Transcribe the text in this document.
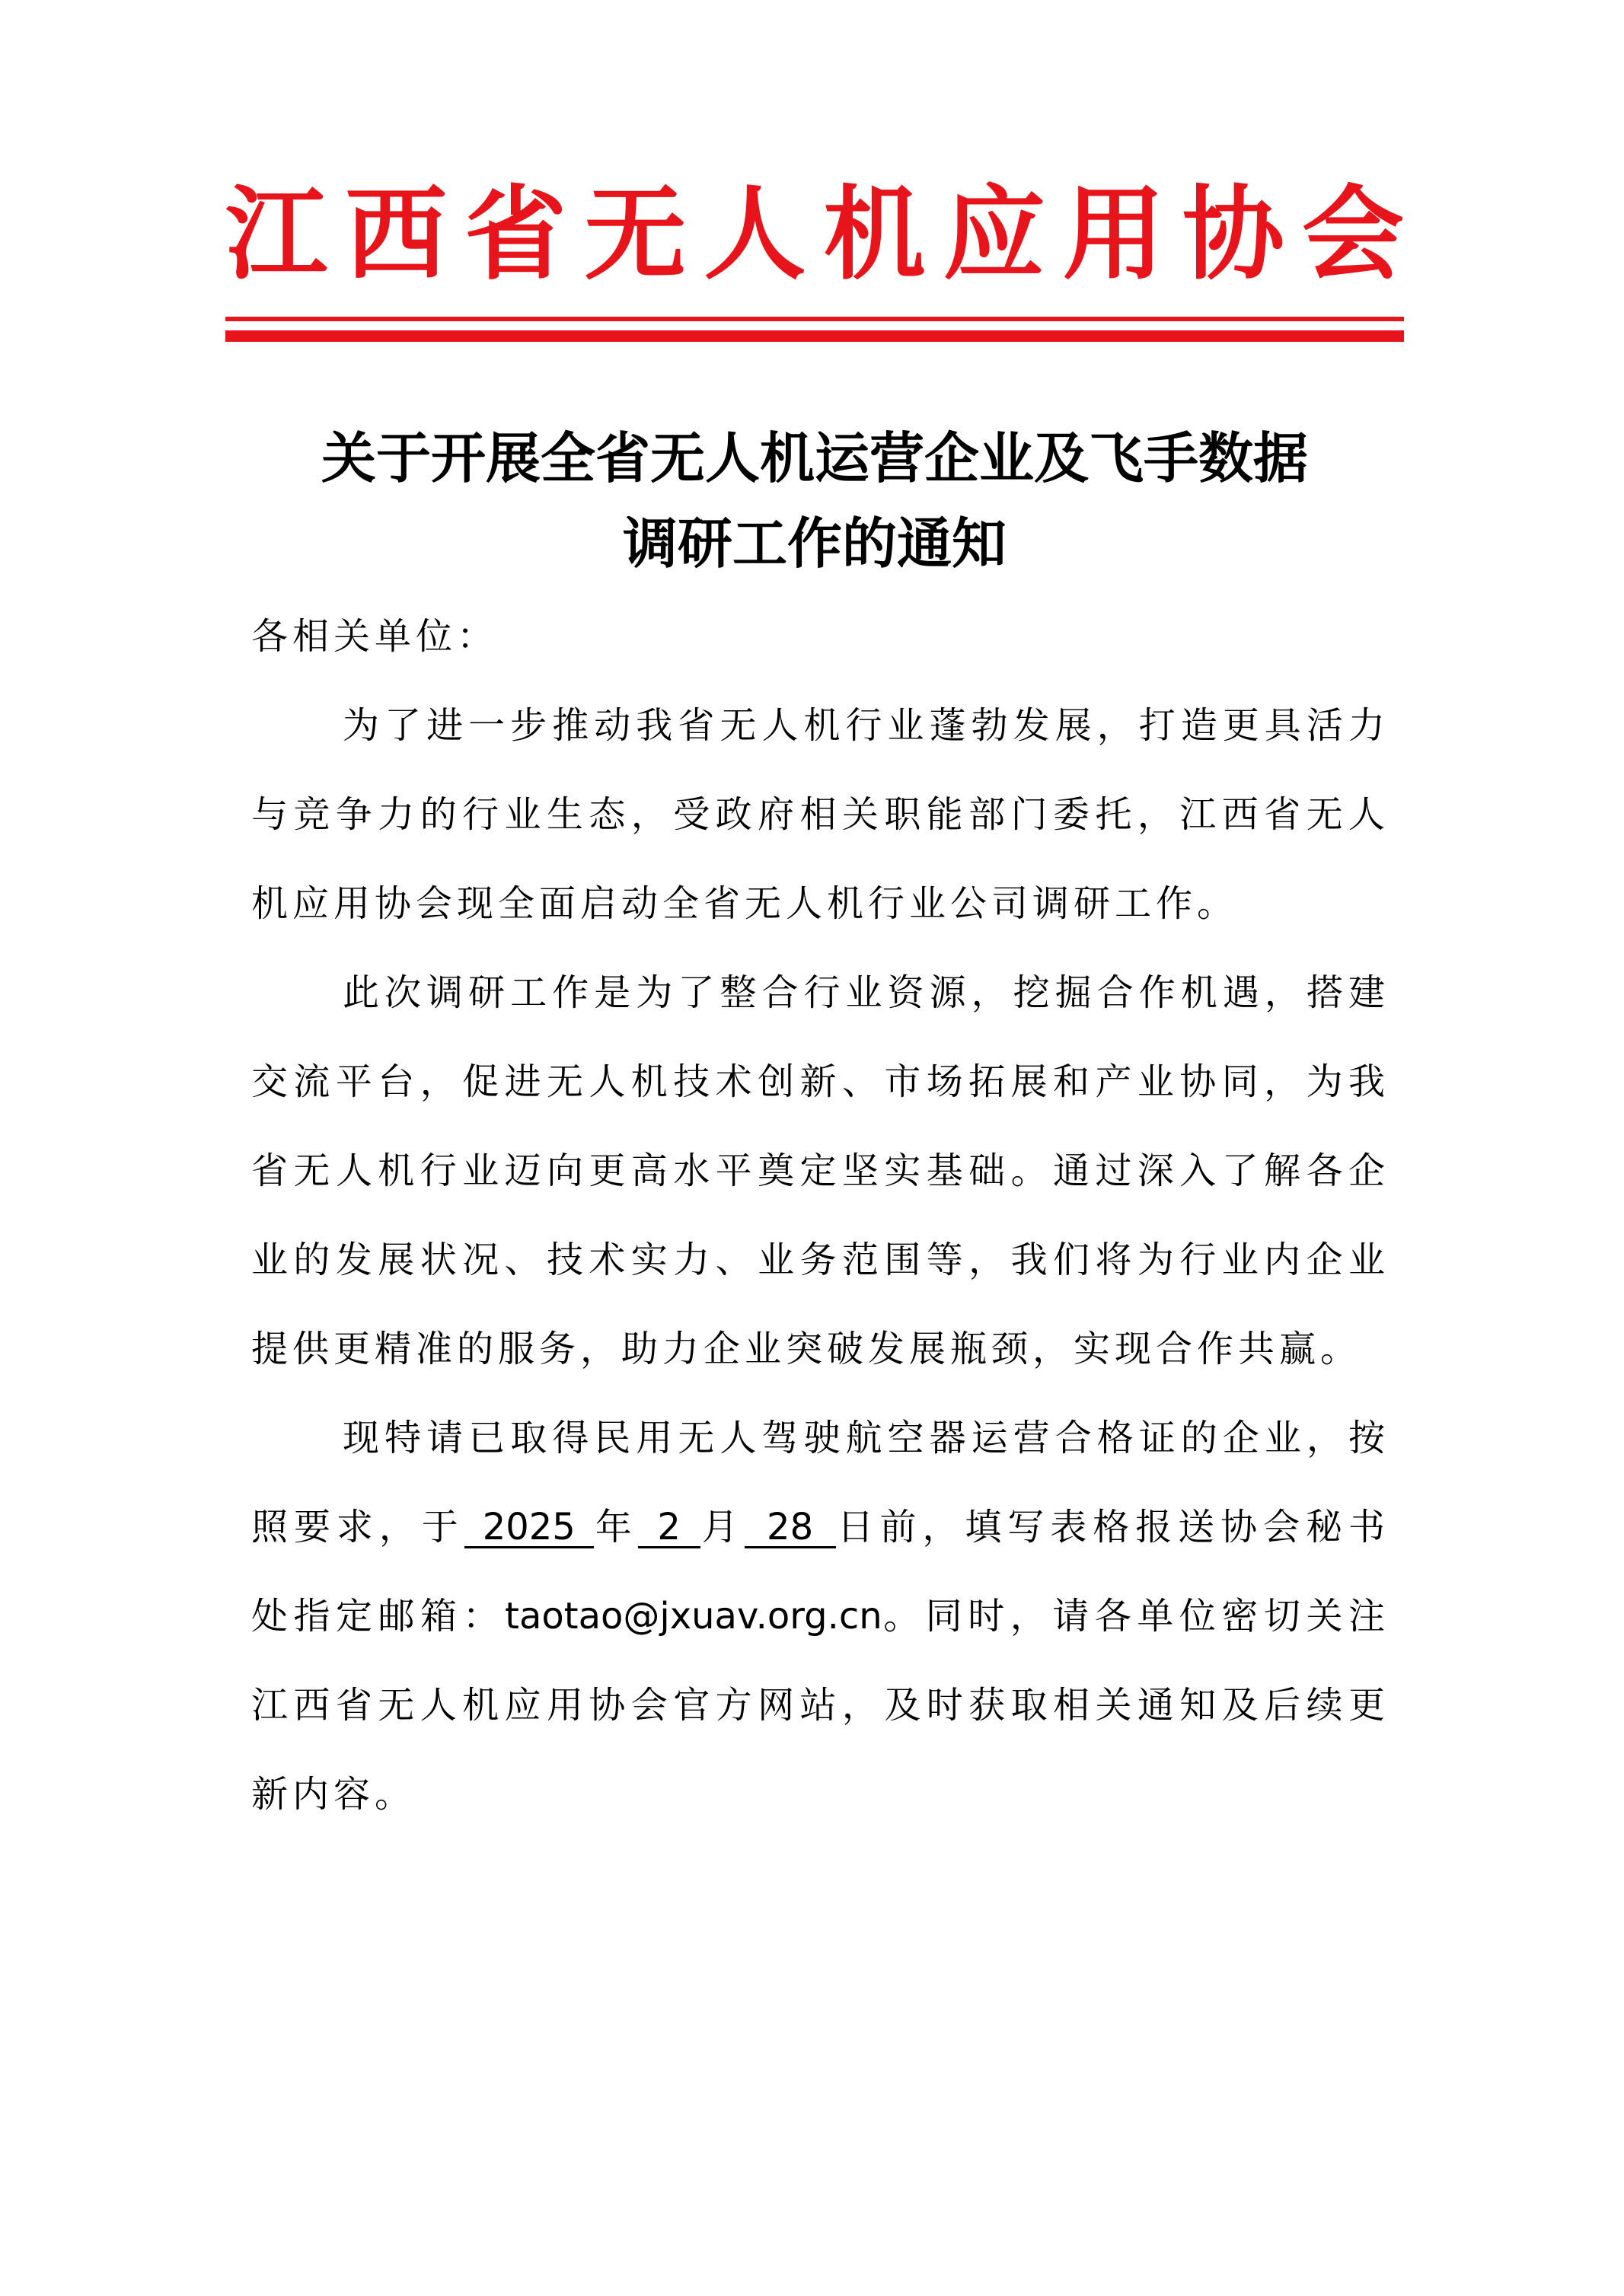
江西省无人机应用协会
关于开展全省无人机运营企业及飞手数据
调研工作的通知

各相关单位：

为了进一步推动我省无人机行业蓬勃发展，打造更具活力与竞争力的行业生态，受政府相关职能部门委托，江西省无人机应用协会现全面启动全省无人机行业公司调研工作。

此次调研工作是为了整合行业资源，挖掘合作机遇，搭建交流平台，促进无人机技术创新、市场拓展和产业协同，为我省无人机行业迈向更高水平奠定坚实基础。通过深入了解各企业的发展状况、技术实力、业务范围等，我们将为行业内企业提供更精准的服务，助力企业突破发展瓶颈，实现合作共赢。

现特请已取得民用无人驾驶航空器运营合格证的企业，按照要求，于 2025 年 2 月 28 日前，填写表格报送协会秘书处指定邮箱：taotao@jxuav.org.cn。同时，请各单位密切关注江西省无人机应用协会官方网站，及时获取相关通知及后续更新内容。
